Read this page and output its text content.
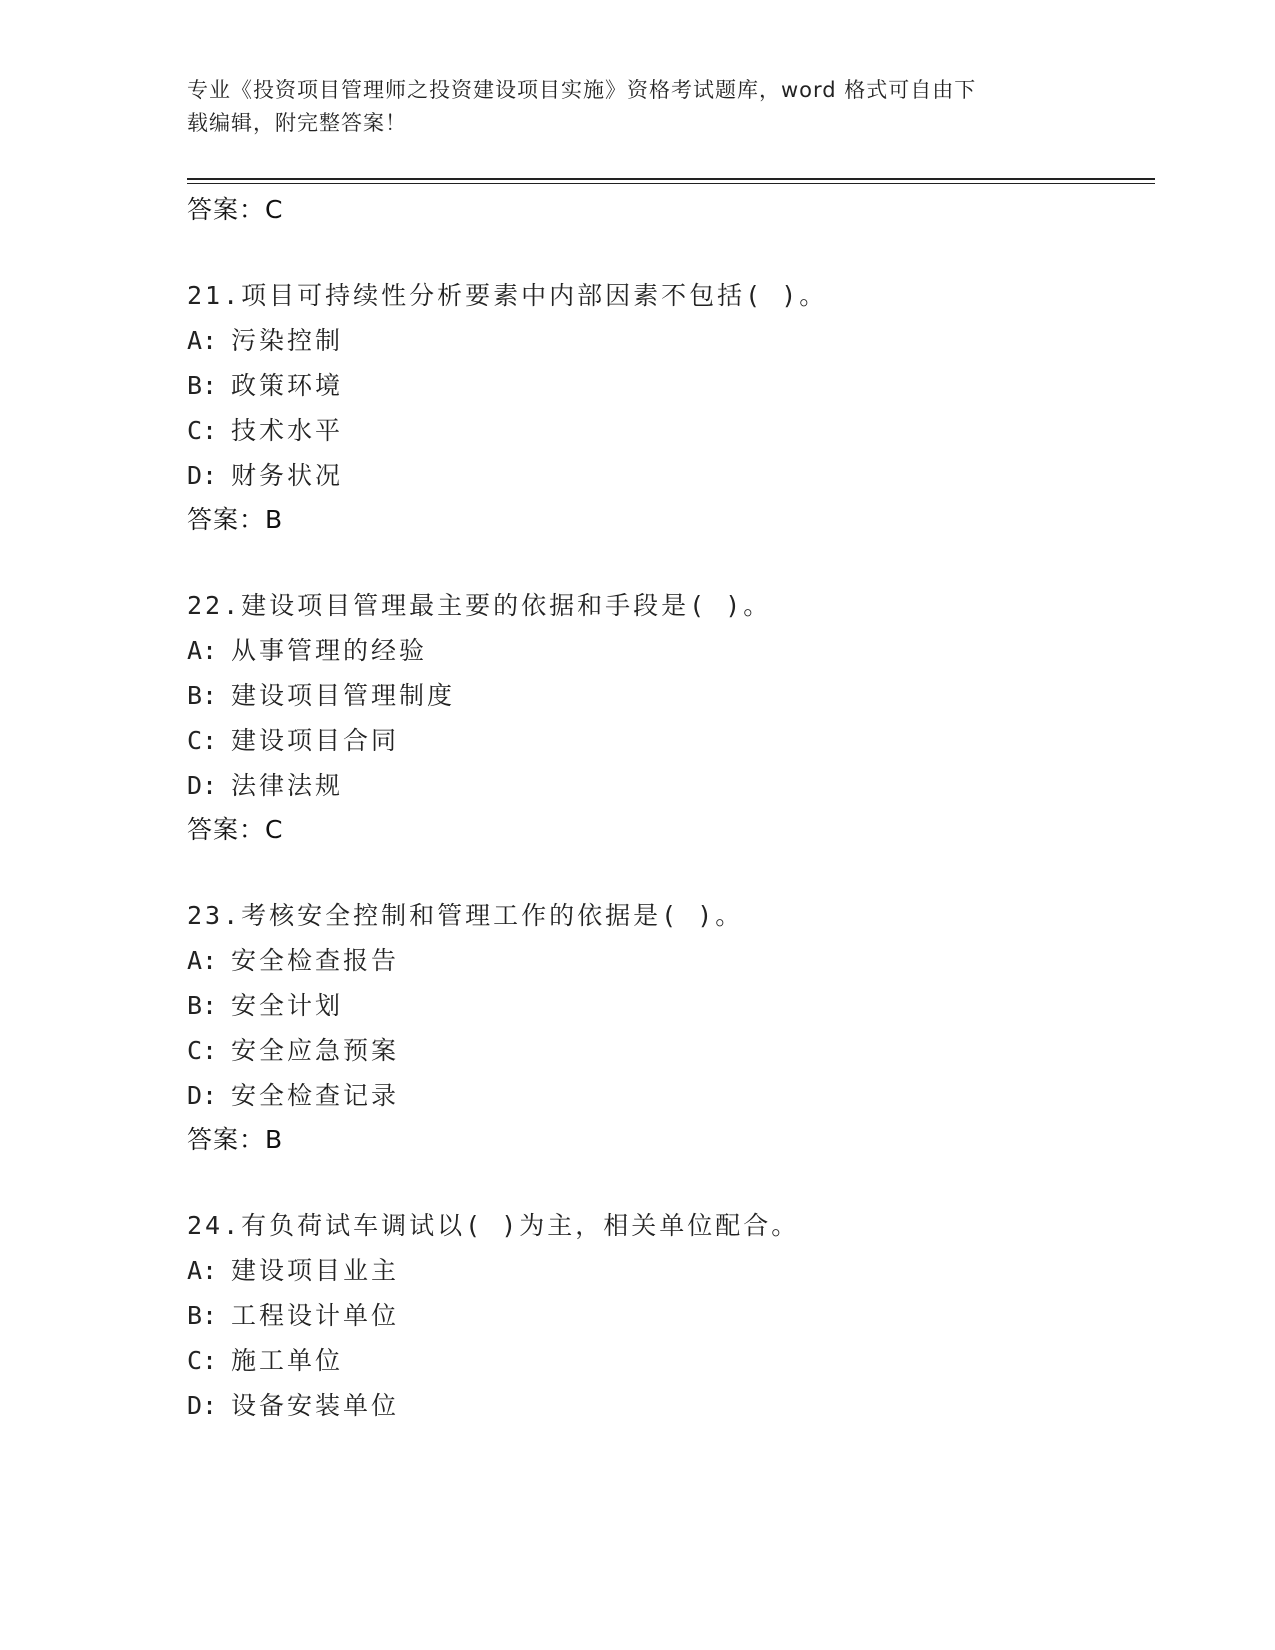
专业《投资项目管理师之投资建设项目实施》资格考试题库，word 格式可自由下
载编辑，附完整答案！
答案：C
21.项目可持续性分析要素中内部因素不包括( )。
A: 污染控制
B: 政策环境
C: 技术水平
D: 财务状况
答案：B
22.建设项目管理最主要的依据和手段是( )。
A: 从事管理的经验
B: 建设项目管理制度
C: 建设项目合同
D: 法律法规
答案：C
23.考核安全控制和管理工作的依据是( )。
A: 安全检查报告
B: 安全计划
C: 安全应急预案
D: 安全检查记录
答案：B
24.有负荷试车调试以( )为主，相关单位配合。
A: 建设项目业主
B: 工程设计单位
C: 施工单位
D: 设备安装单位
